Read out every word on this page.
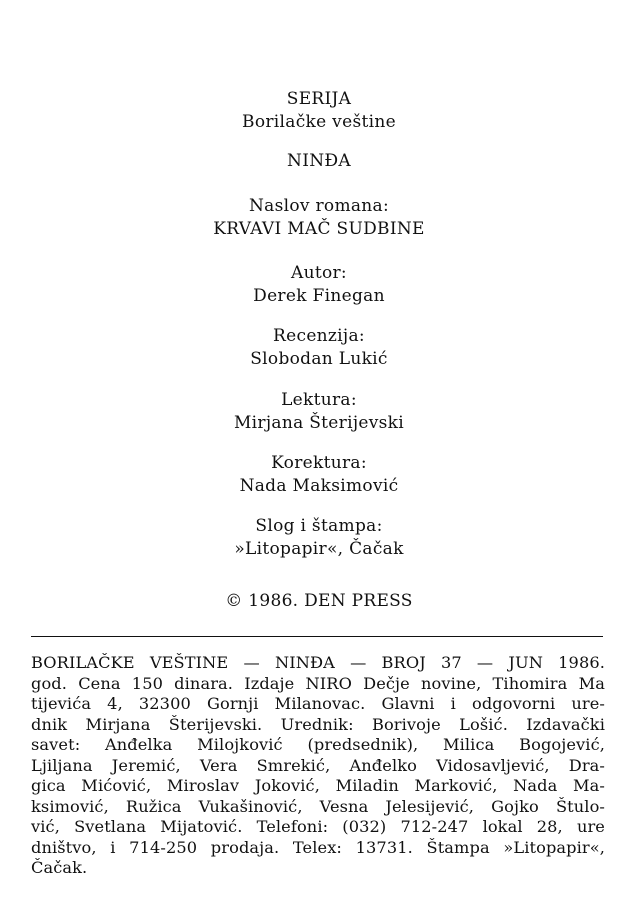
SERIJA
Borilačke veštine
NINĐA
Naslov romana:
KRVAVI MAČ SUDBINE
Autor:
Derek Finegan
Recenzija:
Slobodan Lukić
Lektura:
Mirjana Šterijevski
Korektura:
Nada Maksimović
Slog i štampa:
»Litopapir«, Čačak
© 1986. DEN PRESS
BORILAČKE VEŠTINE — NINĐA — BROJ 37 — JUN 1986.
god. Cena 150 dinara. Izdaje NIRO Dečje novine, Tihomira Ma
tijevića 4, 32300 Gornji Milanovac. Glavni i odgovorni ure-
dnik Mirjana Šterijevski. Urednik: Borivoje Lošić. Izdavački
savet: Anđelka Milojković (predsednik), Milica Bogojević,
Ljiljana Jeremić, Vera Smrekić, Anđelko Vidosavljević, Dra-
gica Mićović, Miroslav Joković, Miladin Marković, Nada Ma-
ksimović, Ružica Vukašinović, Vesna Jelesijević, Gojko Štulo-
vić, Svetlana Mijatović. Telefoni: (032) 712-247 lokal 28, ure
dništvo, i 714-250 prodaja. Telex: 13731. Štampa »Litopapir«,
Čačak.
